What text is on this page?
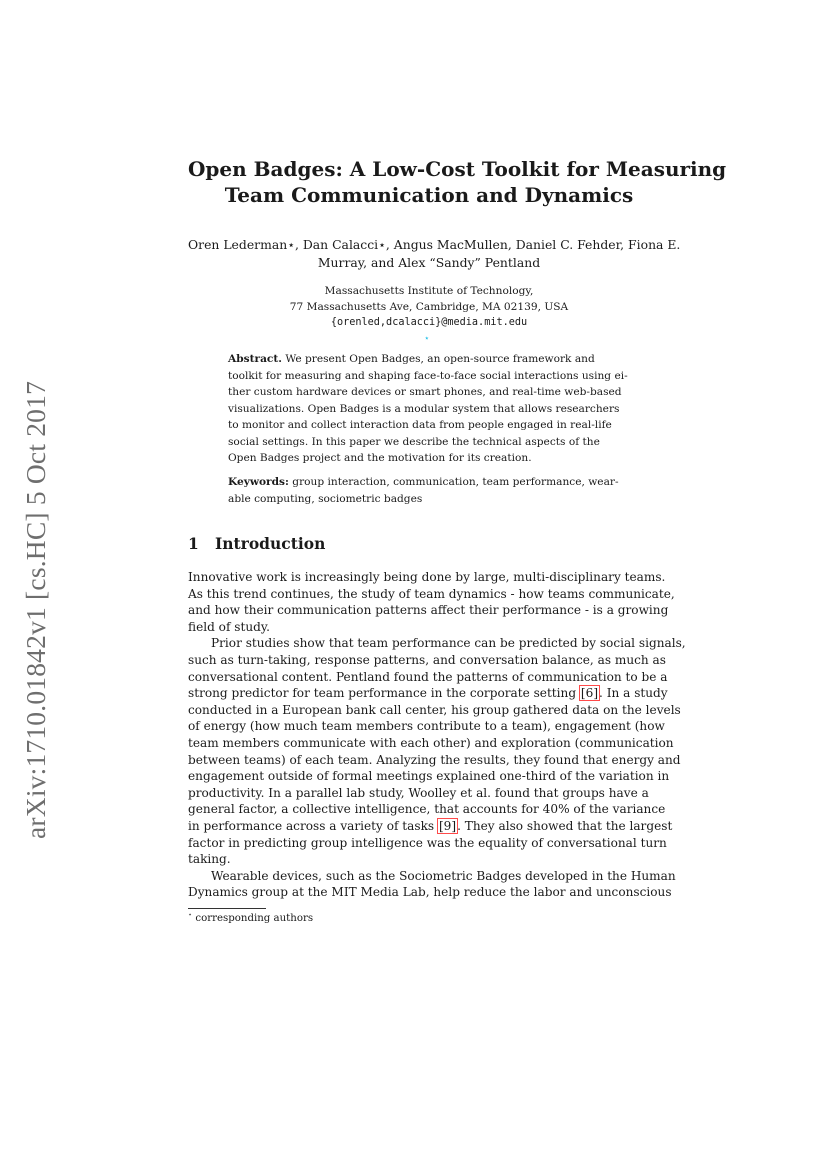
arXiv:1710.01842v1 [cs.HC] 5 Oct 2017
Open Badges: A Low-Cost Toolkit for Measuring
Team Communication and Dynamics
Oren Lederman⋆, Dan Calacci⋆, Angus MacMullen, Daniel C. Fehder, Fiona E.
Murray, and Alex “Sandy” Pentland
Massachusetts Institute of Technology,
77 Massachusetts Ave, Cambridge, MA 02139, USA
{orenled,dcalacci}@media.mit.edu
⋆
Abstract. We present Open Badges, an open-source framework and
toolkit for measuring and shaping face-to-face social interactions using ei-
ther custom hardware devices or smart phones, and real-time web-based
visualizations. Open Badges is a modular system that allows researchers
to monitor and collect interaction data from people engaged in real-life
social settings. In this paper we describe the technical aspects of the
Open Badges project and the motivation for its creation.
Keywords: group interaction, communication, team performance, wear-
able computing, sociometric badges
1 Introduction
Innovative work is increasingly being done by large, multi-disciplinary teams.
As this trend continues, the study of team dynamics - how teams communicate,
and how their communication patterns affect their performance - is a growing
field of study.
Prior studies show that team performance can be predicted by social signals,
such as turn-taking, response patterns, and conversation balance, as much as
conversational content. Pentland found the patterns of communication to be a
strong predictor for team performance in the corporate setting [6]. In a study
conducted in a European bank call center, his group gathered data on the levels
of energy (how much team members contribute to a team), engagement (how
team members communicate with each other) and exploration (communication
between teams) of each team. Analyzing the results, they found that energy and
engagement outside of formal meetings explained one-third of the variation in
productivity. In a parallel lab study, Woolley et al. found that groups have a
general factor, a collective intelligence, that accounts for 40% of the variance
in performance across a variety of tasks [9]. They also showed that the largest
factor in predicting group intelligence was the equality of conversational turn
taking.
Wearable devices, such as the Sociometric Badges developed in the Human
Dynamics group at the MIT Media Lab, help reduce the labor and unconscious
⋆ corresponding authors
